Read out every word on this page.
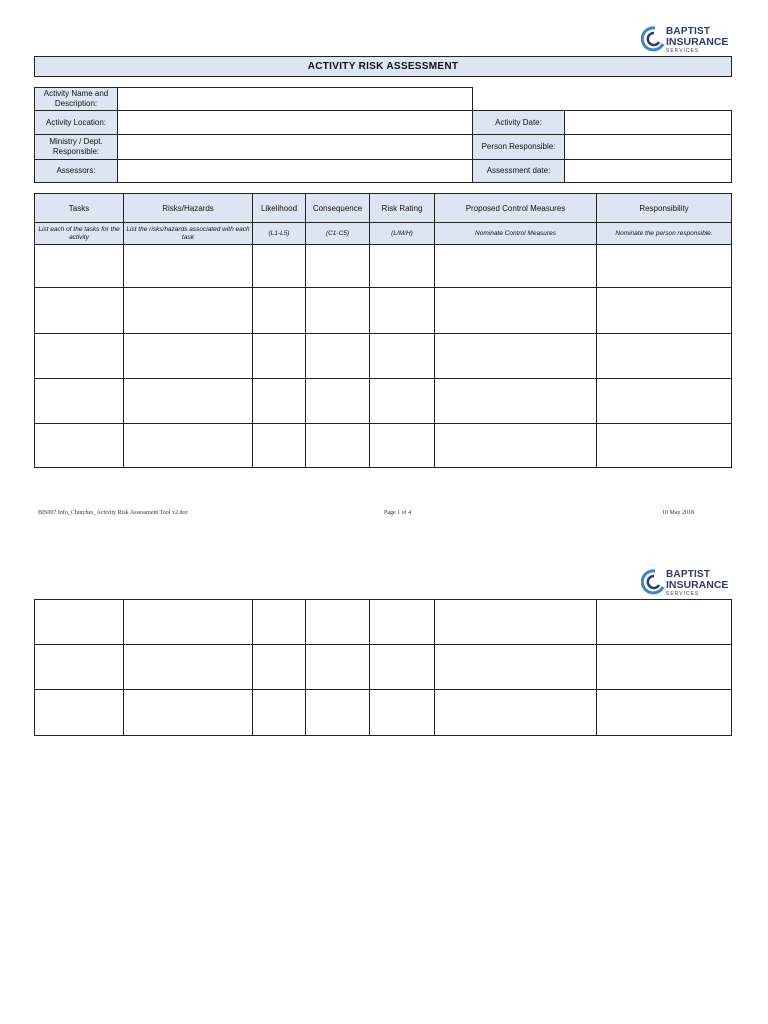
BAPTIST
INSURANCE
SERVICES
ACTIVITY RISK ASSESSMENT
Activity Name and Description:	
Activity Location:		Activity Date:	
Ministry / Dept. Responsible:		Person Responsible:	
Assessors:		Assessment date:	
Tasks	Risks/Hazards	Likelihood	Consequence	Risk Rating	Proposed Control Measures	Responsibility
List each of the tasks for the activity	List the risks/hazards associated with each task	(L1-L5)	(C1-C5)	(L/M/H)	Nominate Control Measures	Nominate the person responsible.

BIS007 Info_Churches_Activity Risk Assessment Tool v2.doc	Page 1 of 4	10 May 2018
BAPTIST
INSURANCE
SERVICES
